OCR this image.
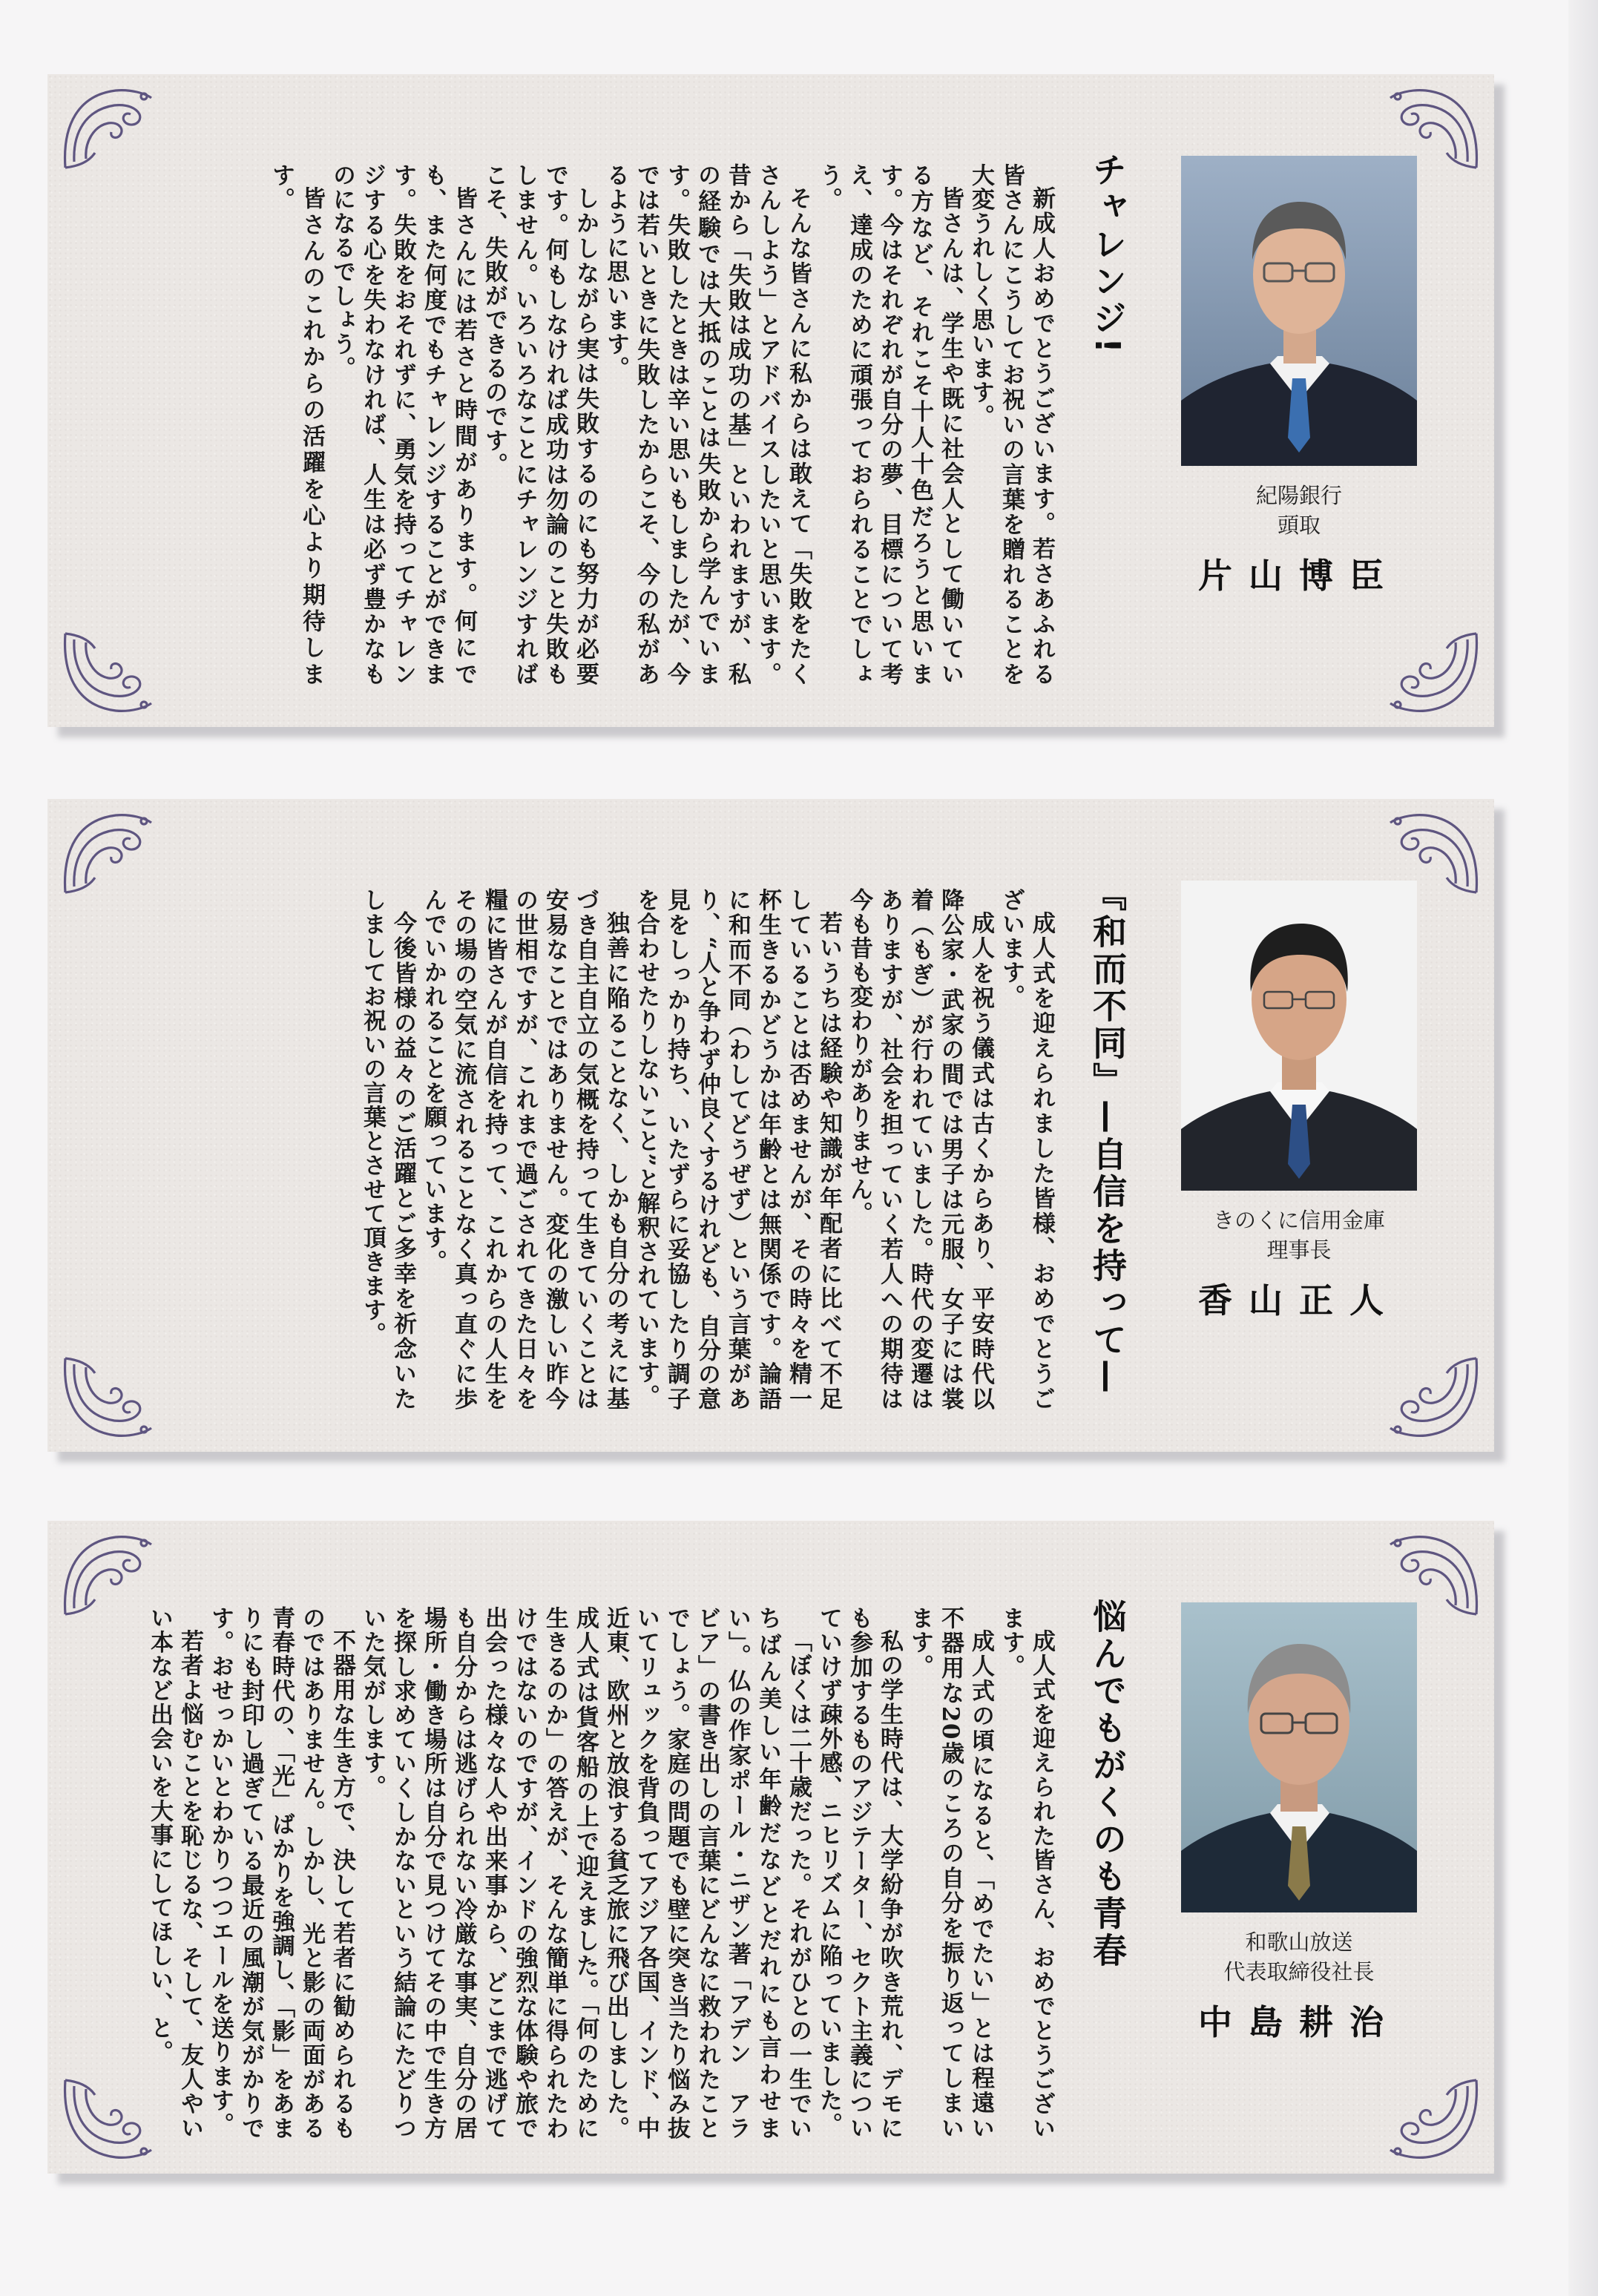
紀陽銀行
頭取
片山博臣
チャレンジ!

新成人おめでとうございます。若さあふれる皆さんにこうしてお祝いの言葉を贈れることを大変うれしく思います。

皆さんは、学生や既に社会人として働いている方など、それこそ十人十色だろうと思います。今はそれぞれが自分の夢、目標について考え、達成のために頑張っておられることでしょう。

そんな皆さんに私からは敢えて「失敗をたくさんしよう」とアドバイスしたいと思います。昔から「失敗は成功の基」といわれますが、私の経験では大抵のことは失敗から学んでいます。失敗したときは辛い思いもしましたが、今では若いときに失敗したからこそ、今の私があるように思います。

しかしながら実は失敗するのにも努力が必要です。何もしなければ成功は勿論のこと失敗もしません。いろいろなことにチャレンジすればこそ、失敗ができるのです。

皆さんには若さと時間があります。何にでも、また何度でもチャレンジすることができます。失敗をおそれずに、勇気を持ってチャレンジする心を失わなければ、人生は必ず豊かなものになるでしょう。

皆さんのこれからの活躍を心より期待します。

きのくに信用金庫
理事長
香山正人
『和而不同』—自信を持って—

成人式を迎えられました皆様、おめでとうございます。

成人を祝う儀式は古くからあり、平安時代以降公家・武家の間では男子は元服、女子には裳着（もぎ）が行われていました。時代の変遷はありますが、社会を担っていく若人への期待は今も昔も変わりがありません。

若いうちは経験や知識が年配者に比べて不足していることは否めませんが、その時々を精一杯生きるかどうかは年齢とは無関係です。論語に和而不同（わしてどうぜず）という言葉があり、“人と争わず仲良くするけれども、自分の意見をしっかり持ち、いたずらに妥協したり調子を合わせたりしないこと”と解釈されています。

独善に陥ることなく、しかも自分の考えに基づき自主自立の気概を持って生きていくことは安易なことではありません。変化の激しい昨今の世相ですが、これまで過ごされてきた日々を糧に皆さんが自信を持って、これからの人生をその場の空気に流されることなく真っ直ぐに歩んでいかれることを願っています。

今後皆様の益々のご活躍とご多幸を祈念いたしましてお祝いの言葉とさせて頂きます。

和歌山放送
代表取締役社長
中島耕治
悩んでもがくのも青春

成人式を迎えられた皆さん、おめでとうございます。

成人式の頃になると、「めでたい」とは程遠い不器用な20歳のころの自分を振り返ってしまいます。

私の学生時代は、大学紛争が吹き荒れ、デモにも参加するものアジテーター、セクト主義についていけず疎外感、ニヒリズムに陥っていました。

「ぼくは二十歳だった。それがひとの一生でいちばん美しい年齢だなどとだれにも言わせまい」。仏の作家ポール・ニザン著「アデン　アラビア」の書き出しの言葉にどんなに救われたことでしょう。家庭の問題でも壁に突き当たり悩み抜いてリュックを背負ってアジア各国、インド、中近東、欧州と放浪する貧乏旅に飛び出しました。成人式は貨客船の上で迎えました。「何のために生きるのか」の答えが、そんな簡単に得られたわけではないのですが、インドの強烈な体験や旅で出会った様々な人や出来事から、どこまで逃げても自分からは逃げられない冷厳な事実、自分の居場所・働き場所は自分で見つけてその中で生き方を探し求めていくしかないという結論にたどりついた気がします。

不器用な生き方で、決して若者に勧められるものではありません。しかし、光と影の両面がある青春時代の、「光」ばかりを強調し、「影」をあまりにも封印し過ぎている最近の風潮が気がかりです。おせっかいとわかりつつエールを送ります。

若者よ悩むことを恥じるな、そして、友人やいい本など出会いを大事にしてほしい、と。
